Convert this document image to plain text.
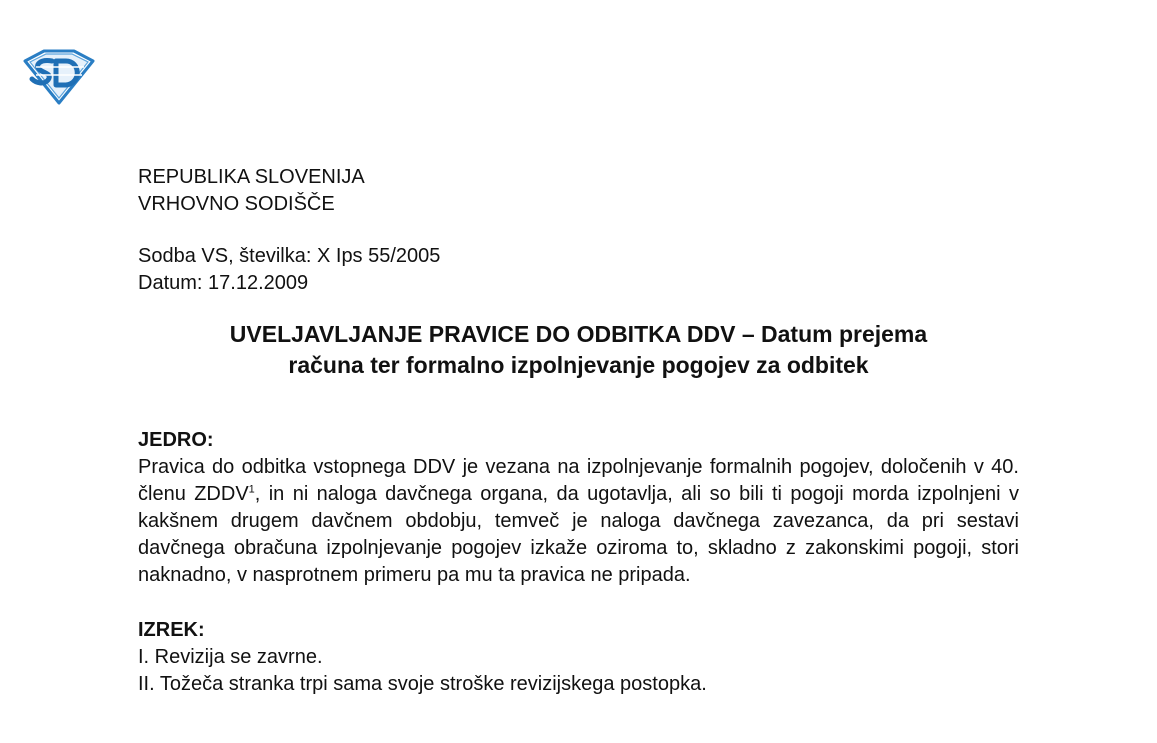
REPUBLIKA SLOVENIJA
VRHOVNO SODIŠČE
Sodba VS, številka: X Ips 55/2005
Datum: 17.12.2009
UVELJAVLJANJE PRAVICE DO ODBITKA DDV – Datum prejema
računa ter formalno izpolnjevanje pogojev za odbitek
JEDRO:

Pravica do odbitka vstopnega DDV je vezana na izpolnjevanje formalnih pogojev, določenih v 40. členu ZDDV$^1$, in ni naloga davčnega organa, da ugotavlja, ali so bili ti pogoji morda izpolnjeni v kakšnem drugem davčnem obdobju, temveč je naloga davčnega zavezanca, da pri sestavi davčnega obračuna izpolnjevanje pogojev izkaže oziroma to, skladno z zakonskimi pogoji, stori naknadno, v nasprotnem primeru pa mu ta pravica ne pripada.

IZREK:
I. Revizija se zavrne.
II. Tožeča stranka trpi sama svoje stroške revizijskega postopka.
